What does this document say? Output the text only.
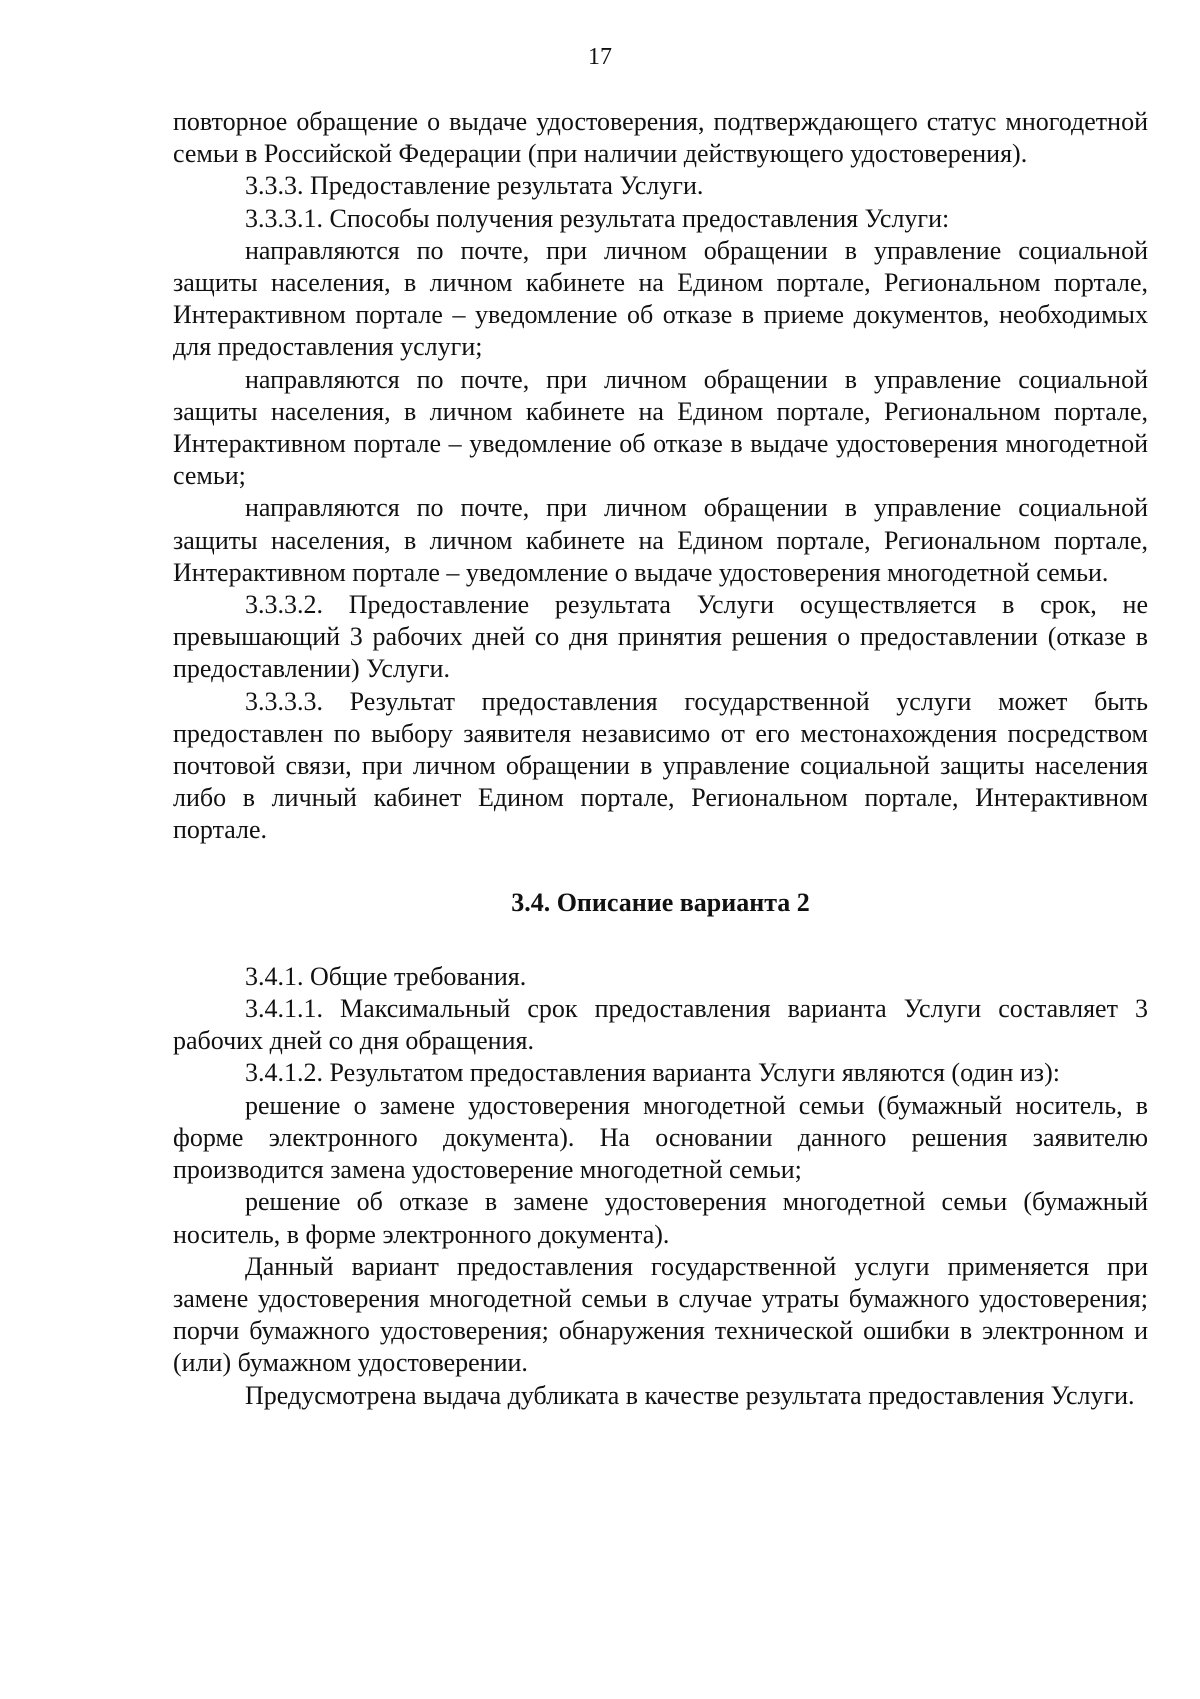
17

повторное обращение о выдаче удостоверения, подтверждающего статус многодетной семьи в Российской Федерации (при наличии действующего удостоверения).

3.3.3. Предоставление результата Услуги.

3.3.3.1. Способы получения результата предоставления Услуги:

направляются по почте, при личном обращении в управление социальной защиты населения, в личном кабинете на Едином портале, Региональном портале, Интерактивном портале – уведомление об отказе в приеме документов, необходимых для предоставления услуги;

направляются по почте, при личном обращении в управление социальной защиты населения, в личном кабинете на Едином портале, Региональном портале, Интерактивном портале – уведомление об отказе в выдаче удостоверения многодетной семьи;

направляются по почте, при личном обращении в управление социальной защиты населения, в личном кабинете на Едином портале, Региональном портале, Интерактивном портале – уведомление о выдаче удостоверения многодетной семьи.

3.3.3.2. Предоставление результата Услуги осуществляется в срок, не превышающий 3 рабочих дней со дня принятия решения о предоставлении (отказе в предоставлении) Услуги.

3.3.3.3. Результат предоставления государственной услуги может быть предоставлен по выбору заявителя независимо от его местонахождения посредством почтовой связи, при личном обращении в управление социальной защиты населения либо в личный кабинет Едином портале, Региональном портале, Интерактивном портале.

3.4. Описание варианта 2

3.4.1. Общие требования.

3.4.1.1. Максимальный срок предоставления варианта Услуги составляет 3 рабочих дней со дня обращения.

3.4.1.2. Результатом предоставления варианта Услуги являются (один из):

решение о замене удостоверения многодетной семьи (бумажный носитель, в форме электронного документа). На основании данного решения заявителю производится замена удостоверение многодетной семьи;

решение об отказе в замене удостоверения многодетной семьи (бумажный носитель, в форме электронного документа).

Данный вариант предоставления государственной услуги применяется при замене удостоверения многодетной семьи в случае утраты бумажного удостоверения; порчи бумажного удостоверения; обнаружения технической ошибки в электронном и (или) бумажном удостоверении.

Предусмотрена выдача дубликата в качестве результата предоставления Услуги.
